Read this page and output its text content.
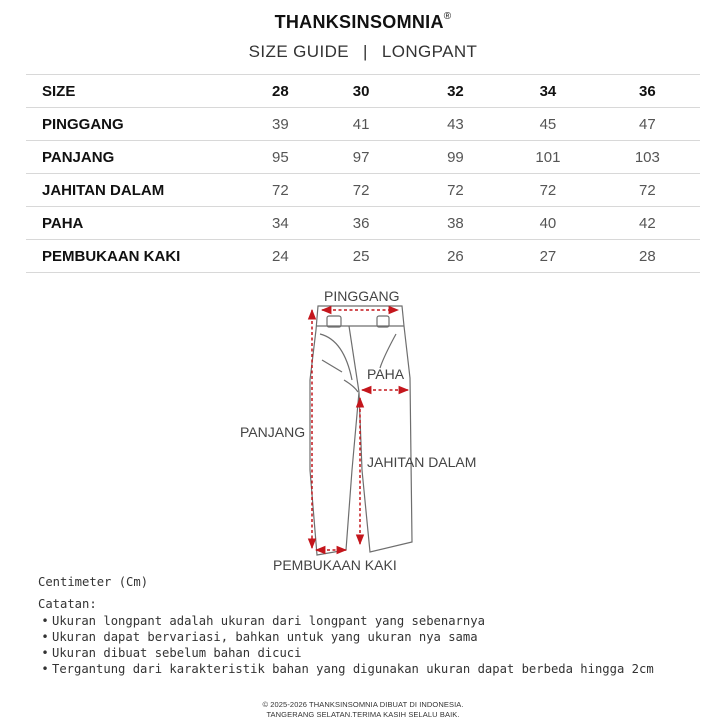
THANKSINSOMNIA®
SIZE GUIDE | LONGPANT
SIZE	28	30	32	34	36
PINGGANG	39	41	43	45	47
PANJANG	95	97	99	101	103
JAHITAN DALAM	72	72	72	72	72
PAHA	34	36	38	40	42
PEMBUKAAN KAKI	24	25	26	27	28
PINGGANG
PAHA
PANJANG
JAHITAN DALAM
PEMBUKAAN KAKI
Centimeter (Cm)
Catatan:
• Ukuran longpant adalah ukuran dari longpant yang sebenarnya
• Ukuran dapat bervariasi, bahkan untuk yang ukuran nya sama
• Ukuran dibuat sebelum bahan dicuci
• Tergantung dari karakteristik bahan yang digunakan ukuran dapat berbeda hingga 2cm
© 2025-2026 THANKSINSOMNIA DIBUAT DI INDONESIA.
TANGERANG SELATAN.TERIMA KASIH SELALU BAIK.
